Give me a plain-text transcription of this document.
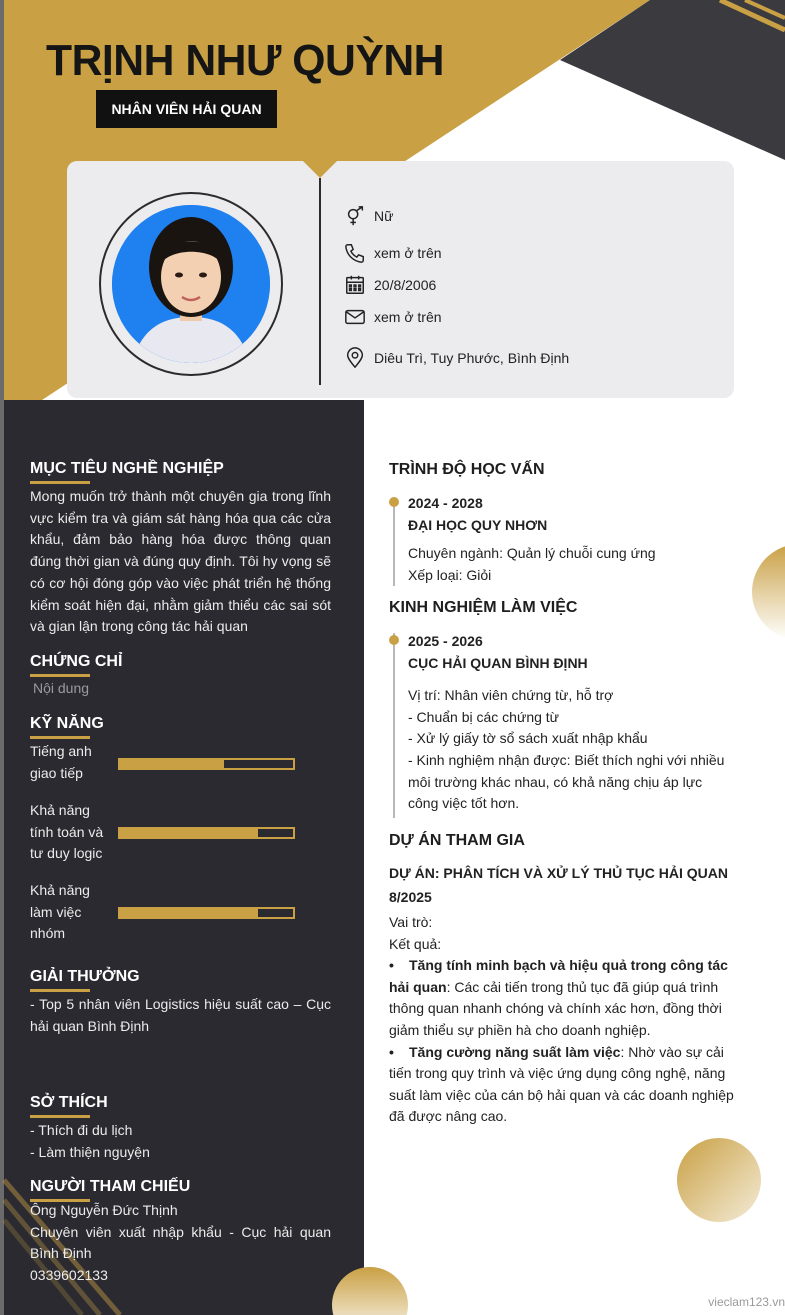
TRỊNH NHƯ QUỲNH
NHÂN VIÊN HẢI QUAN
Nữ
xem ở trên
20/8/2006
xem ở trên
Diêu Trì, Tuy Phước, Bình Định
MỤC TIÊU NGHỀ NGHIỆP
Mong muốn trở thành một chuyên gia trong lĩnh vực kiểm tra và giám sát hàng hóa qua các cửa khẩu, đảm bảo hàng hóa được thông quan đúng thời gian và đúng quy định. Tôi hy vọng sẽ có cơ hội đóng góp vào việc phát triển hệ thống kiểm soát hiện đại, nhằm giảm thiểu các sai sót và gian lận trong công tác hải quan
CHỨNG CHỈ
Nội dung
KỸ NĂNG
Tiếng anh giao tiếp
Khả năng tính toán và tư duy logic
Khả năng làm việc nhóm
GIẢI THƯỞNG
- Top 5 nhân viên Logistics hiệu suất cao – Cục hải quan Bình Định
SỞ THÍCH
- Thích đi du lịch
- Làm thiện nguyện
NGƯỜI THAM CHIẾU
Ông Nguyễn Đức Thịnh
Chuyên viên xuất nhập khẩu - Cục hải quan Bình Định
0339602133
TRÌNH ĐỘ HỌC VẤN
2024 - 2028
ĐẠI HỌC QUY NHƠN
Chuyên ngành: Quản lý chuỗi cung ứng
Xếp loại: Giỏi
KINH NGHIỆM LÀM VIỆC
2025 - 2026
CỤC HẢI QUAN BÌNH ĐỊNH
Vị trí: Nhân viên chứng từ, hỗ trợ
- Chuẩn bị các chứng từ
- Xử lý giấy tờ sổ sách xuất nhập khẩu
- Kinh nghiệm nhận được: Biết thích nghi với nhiều môi trường khác nhau, có khả năng chịu áp lực công việc tốt hơn.
DỰ ÁN THAM GIA
DỰ ÁN: PHÂN TÍCH VÀ XỬ LÝ THỦ TỤC HẢI QUAN 8/2025
Vai trò:
Kết quả:
• Tăng tính minh bạch và hiệu quả trong công tác hải quan: Các cải tiến trong thủ tục đã giúp quá trình thông quan nhanh chóng và chính xác hơn, đồng thời giảm thiểu sự phiền hà cho doanh nghiệp.
• Tăng cường năng suất làm việc: Nhờ vào sự cải tiến trong quy trình và việc ứng dụng công nghệ, năng suất làm việc của cán bộ hải quan và các doanh nghiệp đã được nâng cao.
vieclam123.vn
